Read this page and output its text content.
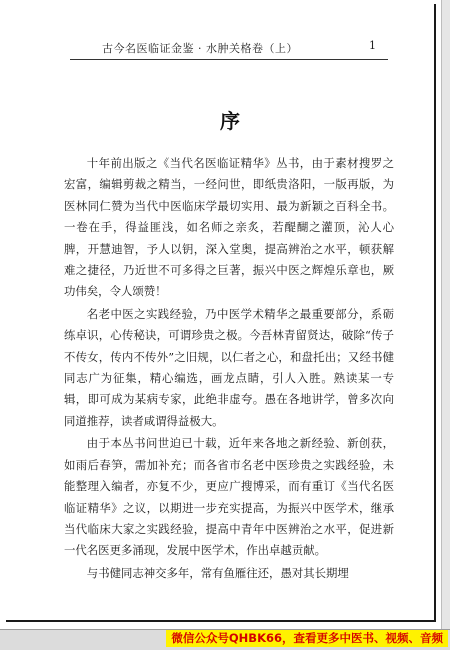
古今名医临证金鉴 · 水肿关格卷（上）	1
序

十年前出版之《当代名医临证精华》丛书，由于素材搜罗之宏富，编辑剪裁之精当，一经问世，即纸贵洛阳，一版再版，为医林同仁赞为当代中医临床学最切实用、最为新颖之百科全书。一卷在手，得益匪浅，如名师之亲炙，若醍醐之灌顶，沁人心脾，开慧迪智，予人以钥，深入堂奥，提高辨治之水平，顿获解难之捷径，乃近世不可多得之巨著，振兴中医之辉煌乐章也，厥功伟矣，令人颂赞！

名老中医之实践经验，乃中医学术精华之最重要部分，系砺练卓识，心传秘诀，可谓珍贵之极。今吾林青留贤达，破除“传子不传女，传内不传外”之旧规，以仁者之心，和盘托出；又经书健同志广为征集，精心编选，画龙点睛，引人入胜。熟读某一专辑，即可成为某病专家，此绝非虚夸。愚在各地讲学，曾多次向同道推荐，读者咸谓得益极大。

由于本丛书问世迫已十载，近年来各地之新经验、新创获，如雨后春笋，需加补充；而各省市名老中医珍贵之实践经验，未能整理入编者，亦复不少，更应广搜博采，而有重订《当代名医临证精华》之议，以期进一步充实提高，为振兴中医学术，继承当代临床大家之实践经验，提高中青年中医辨治之水平，促进新一代名医更多涌现，发展中医学术，作出卓越贡献。

与书健同志神交多年，常有鱼雁往还，愚对其长期埋

微信公众号QHBK66，查看更多中医书、视频、音频
